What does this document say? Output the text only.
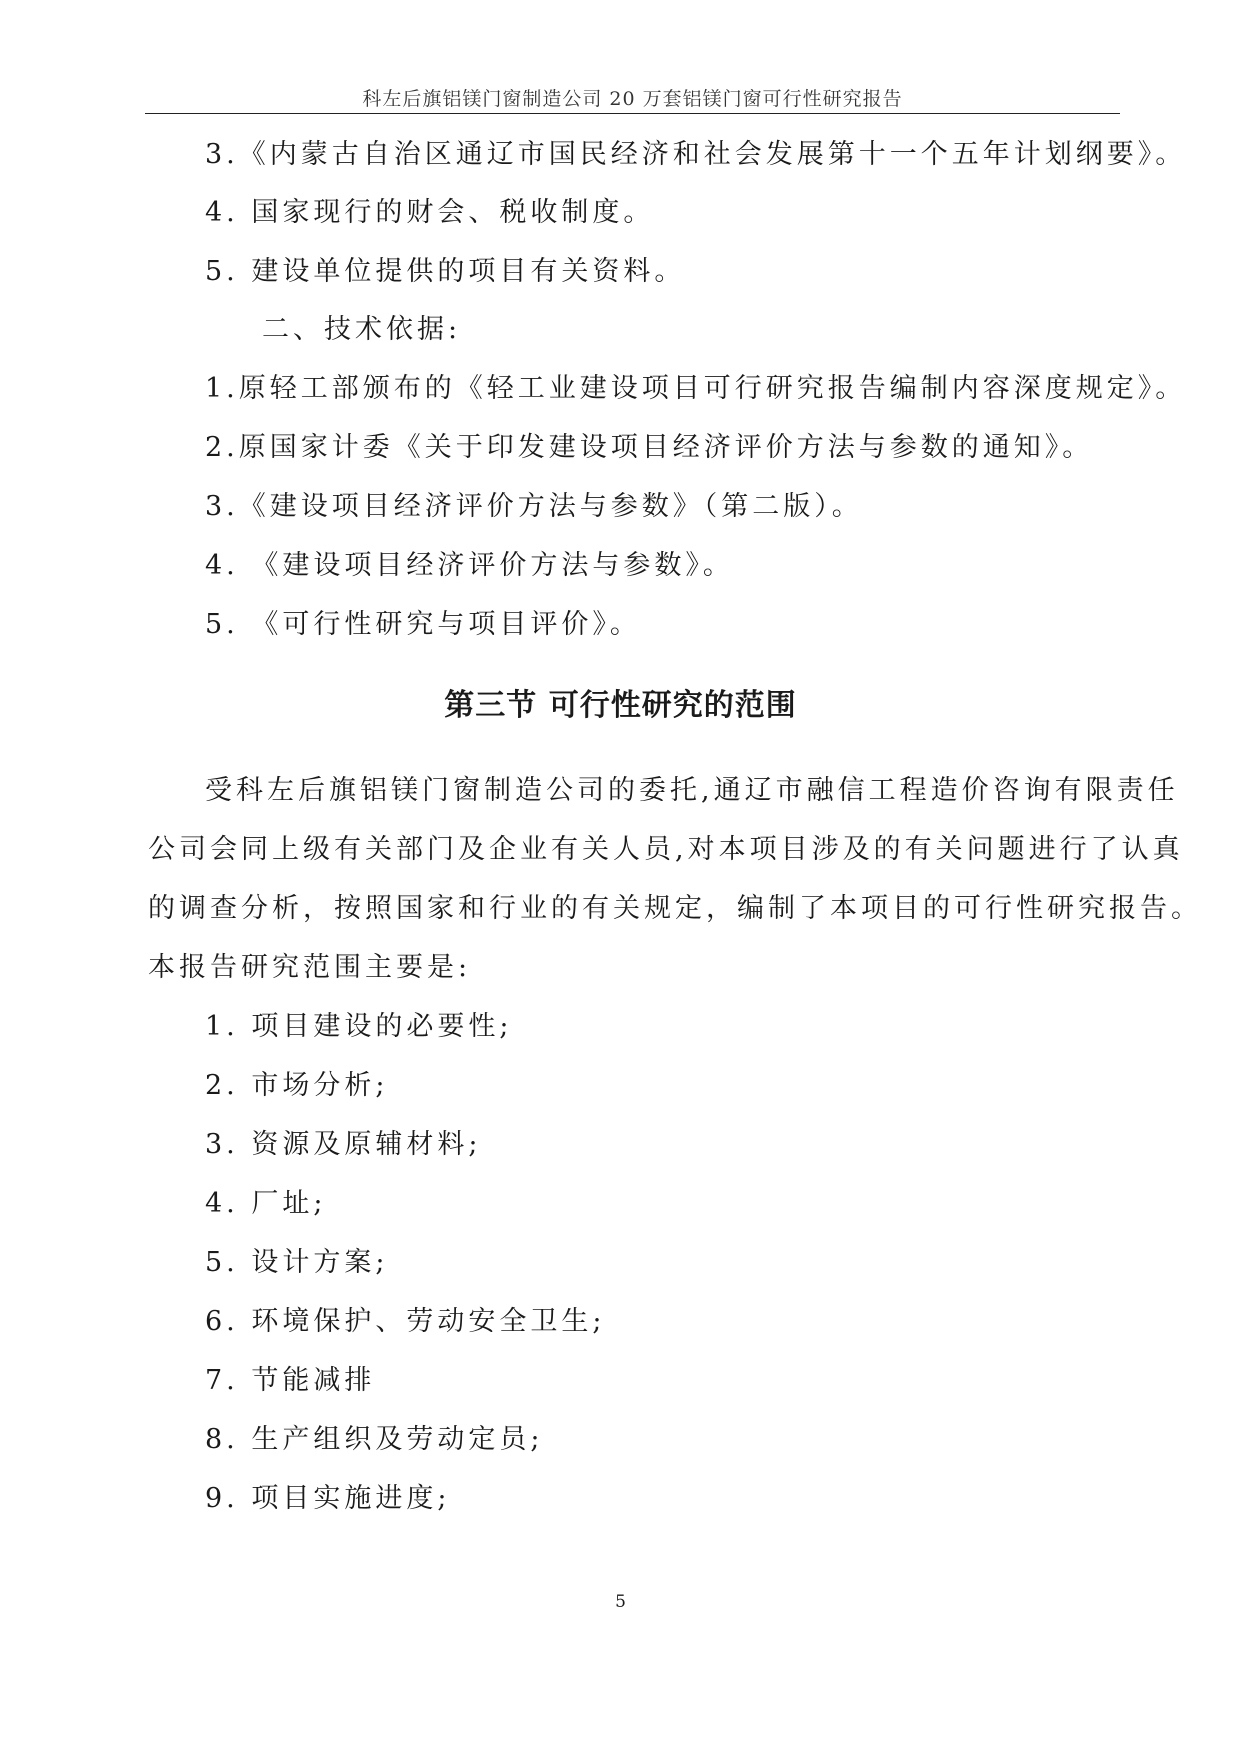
科左后旗铝镁门窗制造公司 20 万套铝镁门窗可行性研究报告
3.《内蒙古自治区通辽市国民经济和社会发展第十一个五年计划纲要》。
4. 国家现行的财会、税收制度。
5. 建设单位提供的项目有关资料。
二、技术依据:
1.原轻工部颁布的《轻工业建设项目可行研究报告编制内容深度规定》。
2.原国家计委《关于印发建设项目经济评价方法与参数的通知》。
3.《建设项目经济评价方法与参数》（第二版）。
4. 《建设项目经济评价方法与参数》。
5. 《可行性研究与项目评价》。
第三节 可行性研究的范围
受科左后旗铝镁门窗制造公司的委托,通辽市融信工程造价咨询有限责任
公司会同上级有关部门及企业有关人员,对本项目涉及的有关问题进行了认真
的调查分析，按照国家和行业的有关规定，编制了本项目的可行性研究报告。
本报告研究范围主要是:
1. 项目建设的必要性;
2. 市场分析;
3. 资源及原辅材料;
4. 厂址;
5. 设计方案;
6. 环境保护、劳动安全卫生;
7. 节能减排
8. 生产组织及劳动定员;
9. 项目实施进度;
5
